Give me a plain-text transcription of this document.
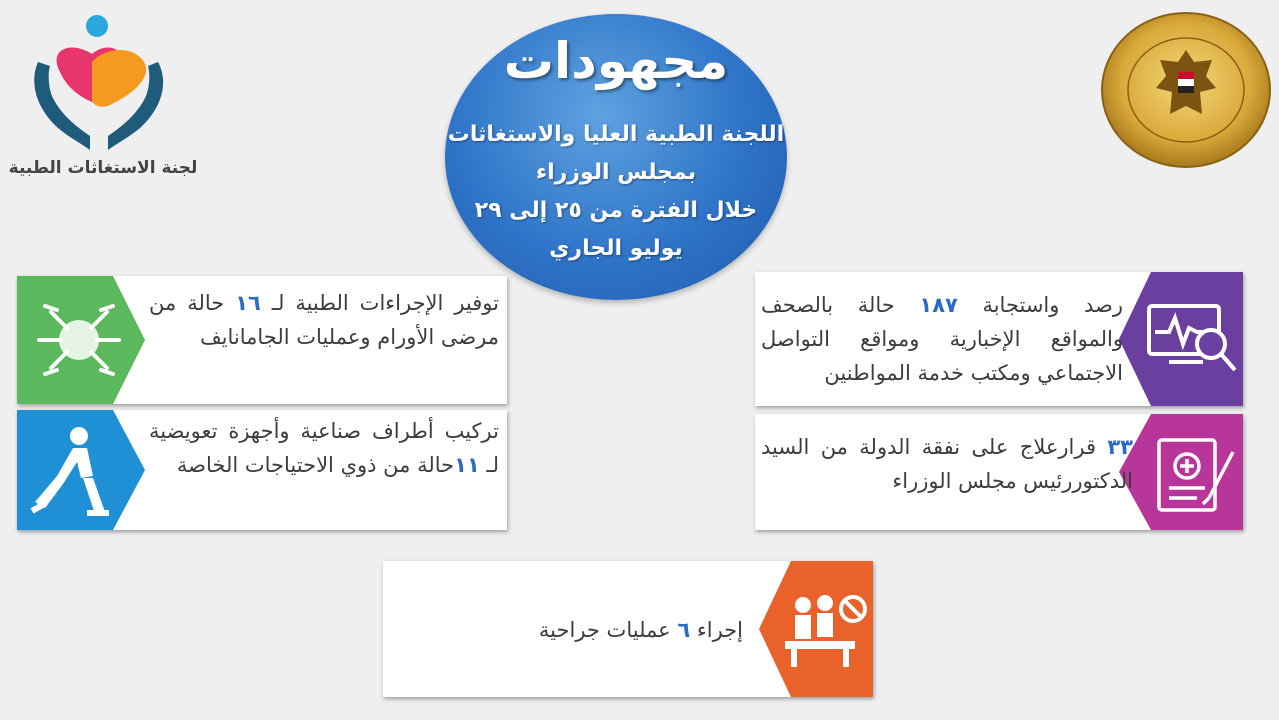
لجنة الاستغاثات الطبية
مجهودات
اللجنة الطبية العليا والاستغاثات
بمجلس الوزراء
خلال الفترة من ٢٥ إلى ٢٩
يوليو الجاري
توفير الإجراءات الطبية لـ ١٦ حالة من مرضى الأورام وعمليات الجامانايف
تركيب أطراف صناعية وأجهزة تعويضية لـ ١١حالة من ذوي الاحتياجات الخاصة
رصد واستجابة ١٨٧ حالة بالصحف والمواقع الإخبارية ومواقع التواصل الاجتماعي ومكتب خدمة المواطنين
٣٣ قرارعلاج على نفقة الدولة من السيد الدكتوررئيس مجلس الوزراء
إجراء ٦ عمليات جراحية
